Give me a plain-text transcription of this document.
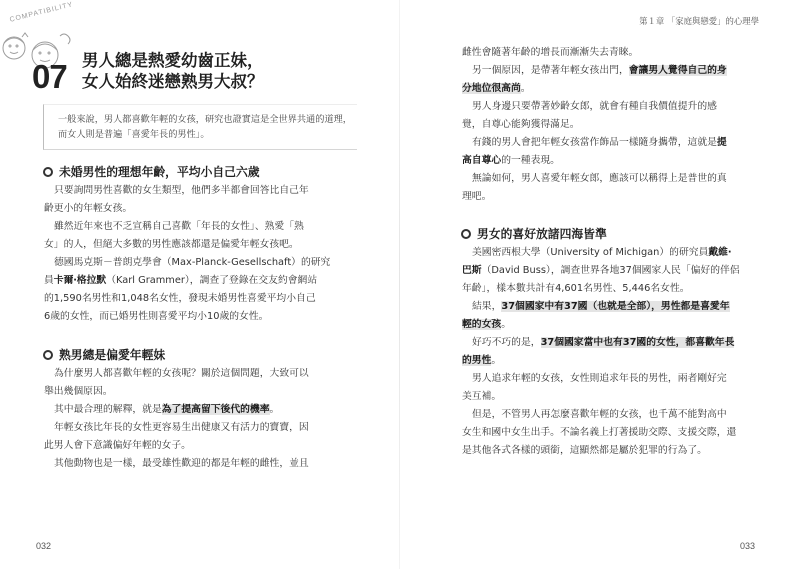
COMPATIBILITY
07 男人總是熱愛幼齒正妹，
女人始終迷戀熟男大叔？
一般來說，男人都喜歡年輕的女孩，研究也證實這是全世界共通的道理，而女人則是普遍「喜愛年長的男性」。
未婚男性的理想年齡，平均小自己六歲
只要詢問男性喜歡的女生類型，他們多半都會回答比自己年
齡更小的年輕女孩。
雖然近年來也不乏宣稱自己喜歡「年長的女性」、熟愛「熟
女」的人，但絕大多數的男性應該都還是偏愛年輕女孩吧。
德國馬克斯－普朗克學會（Max-Planck-Gesellschaft）的研究
員卡爾‧格拉默（Karl Grammer），調查了登錄在交友約會網站
的1,590名男性和1,048名女性，發現未婚男性喜愛平均小自己
6歲的女性，而已婚男性則喜愛平均小10歲的女性。
熟男總是偏愛年輕妹
為什麼男人都喜歡年輕的女孩呢？關於這個問題，大致可以
舉出幾個原因。
其中最合理的解釋，就是為了提高留下後代的機率。
年輕女孩比年長的女性更容易生出健康又有活力的寶寶，因
此男人會下意識偏好年輕的女子。
其他動物也是一樣，最受雄性歡迎的都是年輕的雌性，並且
032
第１章 「家庭與戀愛」的心理學
雌性會隨著年齡的增長而漸漸失去青睞。
另一個原因，是帶著年輕女孩出門，會讓男人覺得自己的身
分地位很高尚。
男人身邊只要帶著妙齡女郎，就會有種自我價值提升的感
覺，自尊心能夠獲得滿足。
有錢的男人會把年輕女孩當作飾品一樣隨身攜帶，這就是提
高自尊心的一種表現。
無論如何，男人喜愛年輕女郎，應該可以稱得上是普世的真
理吧。
男女的喜好放諸四海皆準
美國密西根大學（University of Michigan）的研究員戴維‧
巴斯（David Buss），調查世界各地37個國家人民「偏好的伴侶
年齡」，樣本數共計有4,601名男性、5,446名女性。
結果，37個國家中有37國（也就是全部），男性都是喜愛年
輕的女孩。
好巧不巧的是，37個國家當中也有37國的女性，都喜歡年長
的男性。
男人追求年輕的女孩，女性則追求年長的男性，兩者剛好完
美互補。
但是，不管男人再怎麼喜歡年輕的女孩，也千萬不能對高中
女生和國中女生出手。不論名義上打著援助交際、支援交際，還
是其他各式各樣的頭銜，這顯然都是屬於犯罪的行為了。
033
